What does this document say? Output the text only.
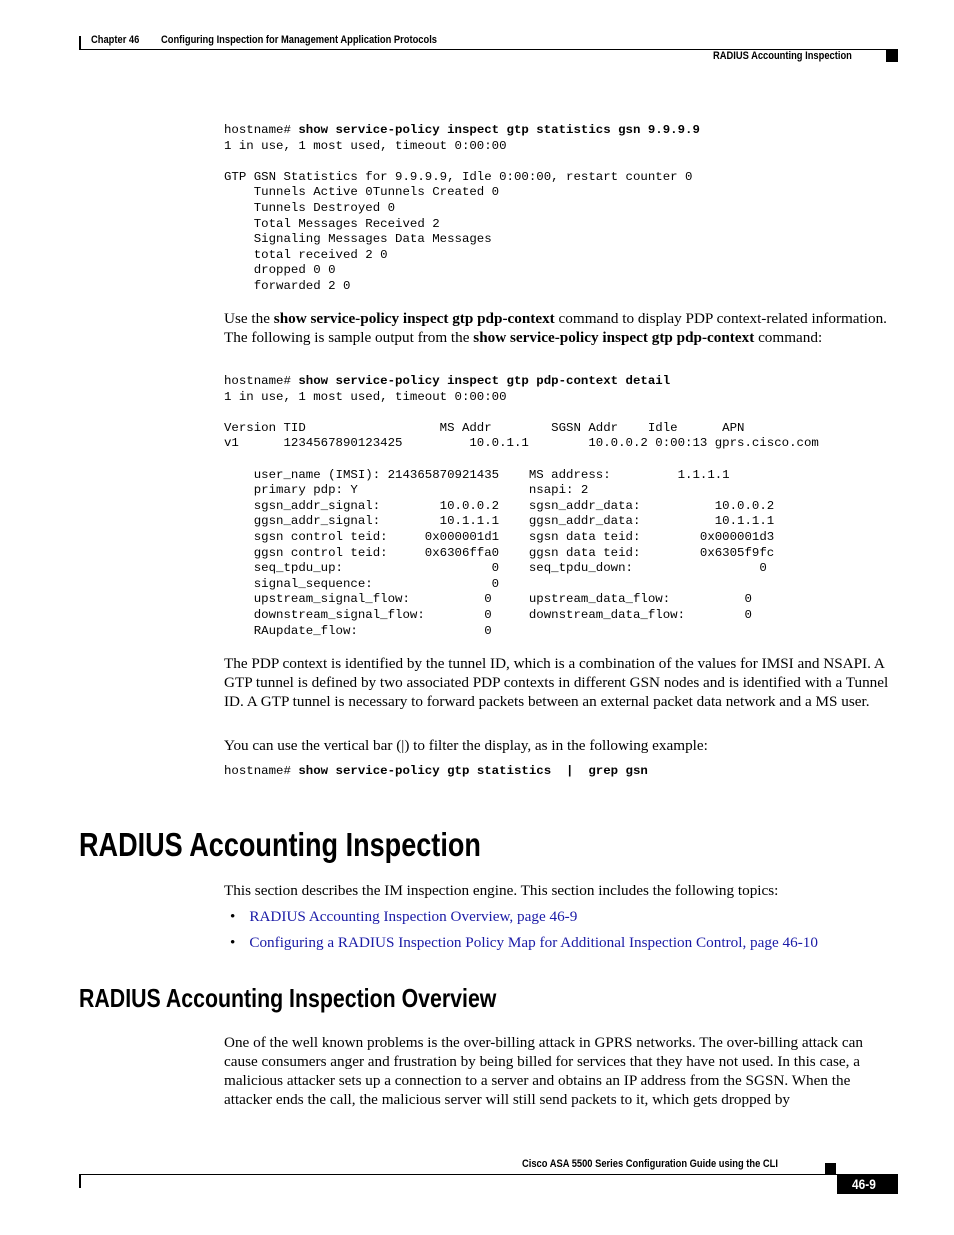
Chapter 46 Configuring Inspection for Management Application Protocols
RADIUS Accounting Inspection
hostname# show service-policy inspect gtp statistics gsn 9.9.9.9
1 in use, 1 most used, timeout 0:00:00

GTP GSN Statistics for 9.9.9.9, Idle 0:00:00, restart counter 0
Tunnels Active 0Tunnels Created 0
Tunnels Destroyed 0
Total Messages Received 2
Signaling Messages Data Messages
total received 2 0
dropped 0 0
forwarded 2 0
Use the show service-policy inspect gtp pdp-context command to display PDP context-related information. The following is sample output from the show service-policy inspect gtp pdp-context command:
hostname# show service-policy inspect gtp pdp-context detail
1 in use, 1 most used, timeout 0:00:00

Version TID                  MS Addr        SGSN Addr    Idle      APN
v1      1234567890123425         10.0.1.1        10.0.0.2 0:00:13 gprs.cisco.com

user_name (IMSI): 214365870921435    MS address:         1.1.1.1
primary pdp: Y                       nsapi: 2
sgsn_addr_signal:        10.0.0.2    sgsn_addr_data:          10.0.0.2
ggsn_addr_signal:        10.1.1.1    ggsn_addr_data:          10.1.1.1
sgsn control teid:     0x000001d1    sgsn data teid:        0x000001d3
ggsn control teid:     0x6306ffa0    ggsn data teid:        0x6305f9fc
seq_tpdu_up:                    0    seq_tpdu_down:                 0
signal_sequence:                0
upstream_signal_flow:          0     upstream_data_flow:          0
downstream_signal_flow:        0     downstream_data_flow:        0
RAupdate_flow:                 0
The PDP context is identified by the tunnel ID, which is a combination of the values for IMSI and NSAPI. A GTP tunnel is defined by two associated PDP contexts in different GSN nodes and is identified with a Tunnel ID. A GTP tunnel is necessary to forward packets between an external packet data network and a MS user.
You can use the vertical bar (|) to filter the display, as in the following example:
hostname# show service-policy gtp statistics  |  grep gsn
RADIUS Accounting Inspection
This section describes the IM inspection engine. This section includes the following topics:
• RADIUS Accounting Inspection Overview, page 46-9
• Configuring a RADIUS Inspection Policy Map for Additional Inspection Control, page 46-10
RADIUS Accounting Inspection Overview
One of the well known problems is the over-billing attack in GPRS networks. The over-billing attack can cause consumers anger and frustration by being billed for services that they have not used. In this case, a malicious attacker sets up a connection to a server and obtains an IP address from the SGSN. When the attacker ends the call, the malicious server will still send packets to it, which gets dropped by
Cisco ASA 5500 Series Configuration Guide using the CLI
46-9
